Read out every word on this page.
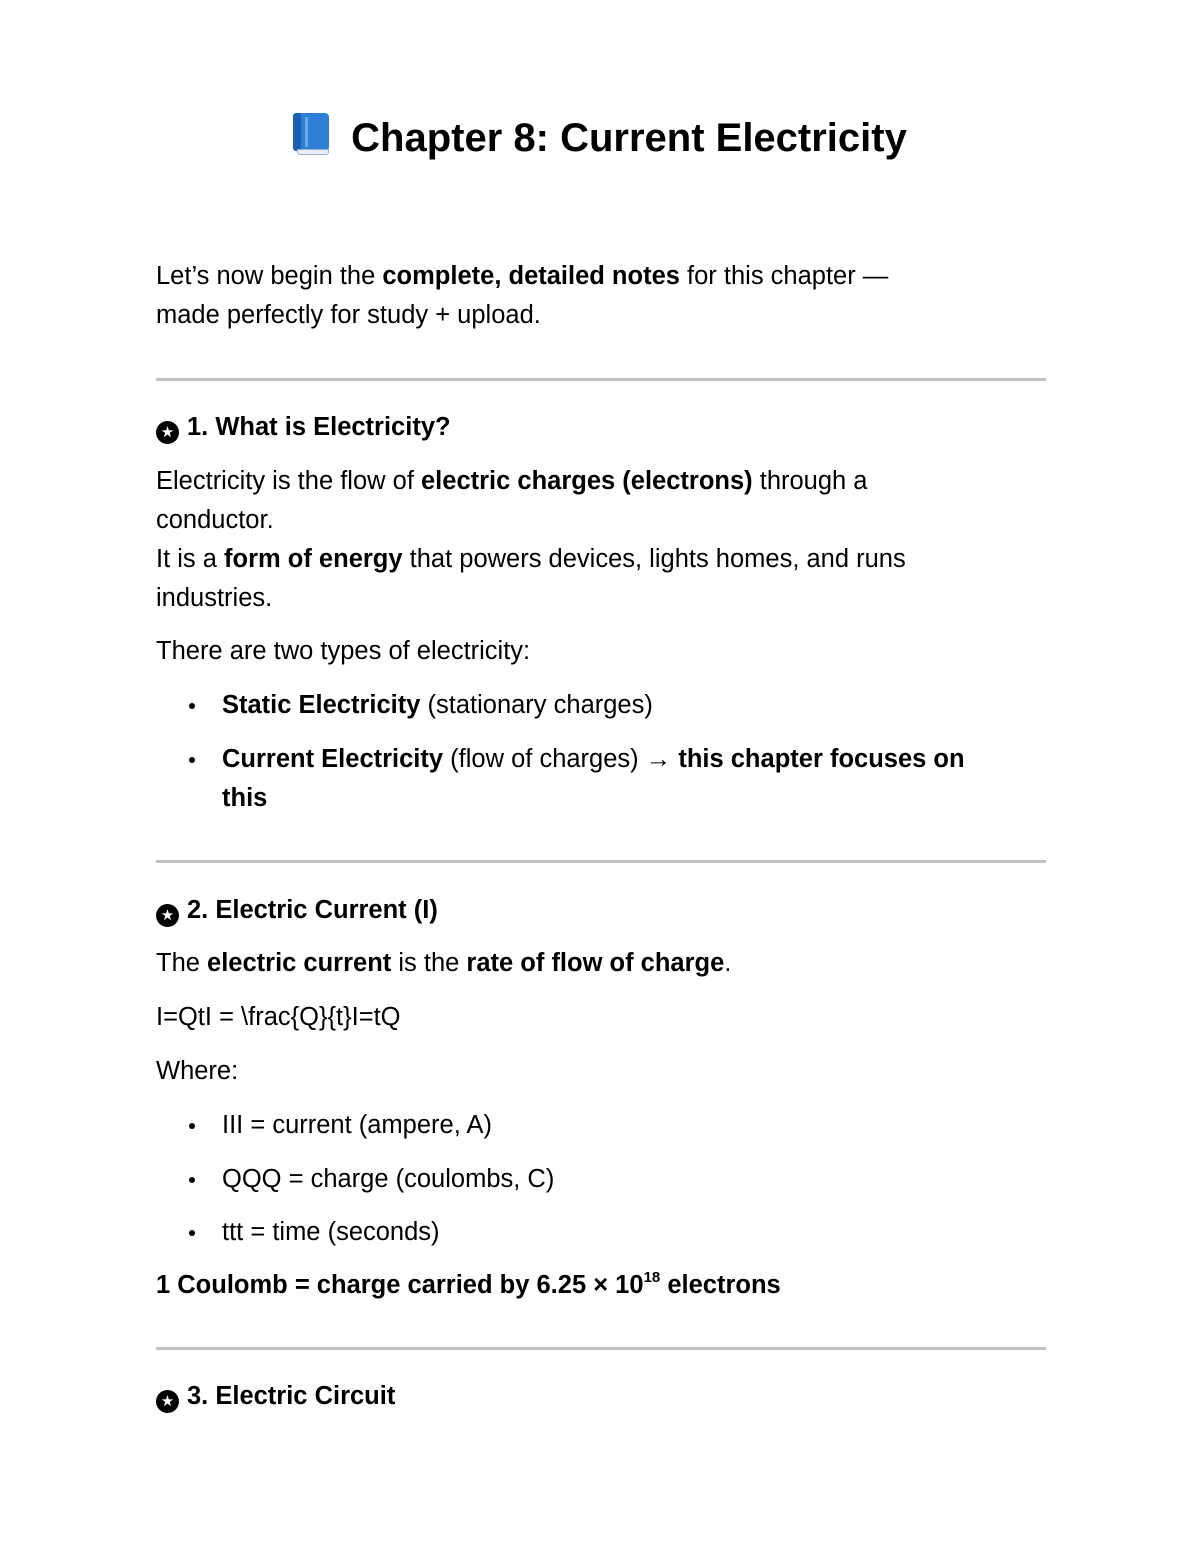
Chapter 8: Current Electricity

Let’s now begin the complete, detailed notes for this chapter —

made perfectly for study + upload.

★ 1. What is Electricity?

Electricity is the flow of electric charges (electrons) through a

conductor.

It is a form of energy that powers devices, lights homes, and runs

industries.

There are two types of electricity:

Static Electricity (stationary charges)
Current Electricity (flow of charges) → this chapter focuses on
this
★ 2. Electric Current (I)

The electric current is the rate of flow of charge.

I=QtI = \frac{Q}{t}I=tQ

Where:

III = current (ampere, A)
QQQ = charge (coulombs, C)
ttt = time (seconds)

1 Coulomb = charge carried by $6.25 \times 10^{18}$ electrons

★ 3. Electric Circuit
